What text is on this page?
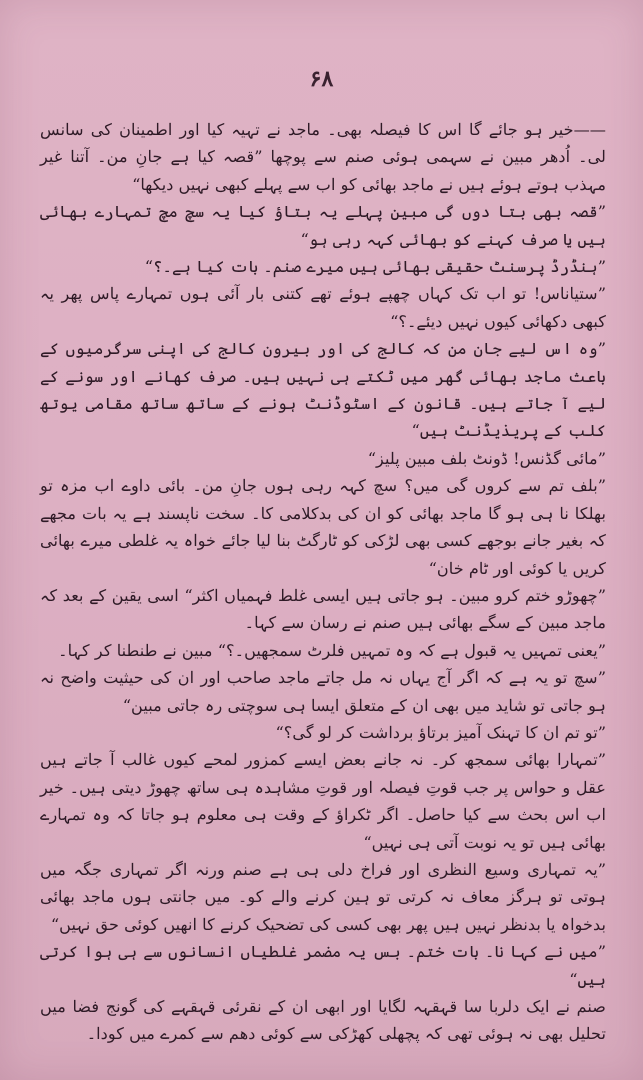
۶۸

——خیر ہو جائے گا اس کا فیصلہ بھی۔ ماجد نے تہیہ کیا اور اطمینان کی سانس لی۔ اُدھر مبین نے سہمی ہوئی صنم سے پوچھا ”قصہ کیا ہے جانِ من۔ آتنا غیر مہذب ہوتے ہوئے ہیں نے ماجد بھائی کو اب سے پہلے کبھی نہیں دیکھا“

”قصہ بھی بتا دوں گی مبین پہلے یہ بتاؤ کیا یہ سچ مچ تمہارے بھائی ہیں یا صرف کہنے کو بھائی کہہ رہی ہو“

”ہنڈرڈ پرسنٹ حقیقی بھائی ہیں میرے صنم۔ بات کیا ہے۔؟“

”ستیاناس! تو اب تک کہاں چھپے ہوئے تھے کتنی بار آئی ہوں تمہارے پاس پھر یہ کبھی دکھائی کیوں نہیں دیئے۔؟“

”وہ اس لیے جان من کہ کالج کی اور بیرون کالج کی اپنی سرگرمیوں کے باعث ماجد بھائی گھر میں ٹکتے ہی نہیں ہیں۔ صرف کھانے اور سونے کے لیے آ جاتے ہیں۔ قانون کے اسٹوڈنٹ ہونے کے ساتھ ساتھ مقامی یوتھ کلب کے پریذیڈنٹ ہیں“

”مائی گڈنس! ڈونٹ بلف مبین پلیز“

”بلف تم سے کروں گی میں؟ سچ کہہ رہی ہوں جانِ من۔ بائی داوے اب مزہ تو بھلکا نا ہی ہو گا ماجد بھائی کو ان کی بدکلامی کا۔ سخت ناپسند ہے یہ بات مجھے کہ بغیر جانے بوجھے کسی بھی لڑکی کو ٹارگٹ بنا لیا جائے خواہ یہ غلطی میرے بھائی کریں یا کوئی اور ٹام خان“

”چھوڑو ختم کرو مبین۔ ہو جاتی ہیں ایسی غلط فہمیاں اکثر“ اسی یقین کے بعد کہ ماجد مبین کے سگے بھائی ہیں صنم نے رسان سے کہا۔

”یعنی تمہیں یہ قبول ہے کہ وہ تمہیں فلرٹ سمجھیں۔؟“ مبین نے طنطنا کر کہا۔

”سچ تو یہ ہے کہ اگر آج یہاں نہ مل جاتے ماجد صاحب اور ان کی حیثیت واضح نہ ہو جاتی تو شاید میں بھی ان کے متعلق ایسا ہی سوچتی رہ جاتی مبین“

”تو تم ان کا تہنک آمیز برتاؤ برداشت کر لو گی؟“

”تمہارا بھائی سمجھ کر۔ نہ جانے بعض ایسے کمزور لمحے کیوں غالب آ جاتے ہیں عقل و حواس پر جب قوتِ فیصلہ اور قوتِ مشاہدہ ہی ساتھ چھوڑ دیتی ہیں۔ خیر اب اس بحث سے کیا حاصل۔ اگر ٹکراؤ کے وقت ہی معلوم ہو جاتا کہ وہ تمہارے بھائی ہیں تو یہ نوبت آتی ہی نہیں“

”یہ تمہاری وسیع النظری اور فراخ دلی ہی ہے صنم ورنہ اگر تمہاری جگہ میں ہوتی تو ہرگز معاف نہ کرتی تو ہین کرنے والے کو۔ میں جانتی ہوں ماجد بھائی بدخواہ یا بدنظر نہیں ہیں پھر بھی کسی کی تضحیک کرنے کا انھیں کوئی حق نہیں“

”میں نے کہا نا۔ بات ختم۔ بس یہ مضمر غلطیاں انسانوں سے ہی ہوا کرتی ہیں“

صنم نے ایک دلربا سا قہقہہ لگایا اور ابھی ان کے نقرئی قہقہے کی گونج فضا میں تحلیل بھی نہ ہوئی تھی کہ پچھلی کھڑکی سے کوئی دھم سے کمرے میں کودا۔
